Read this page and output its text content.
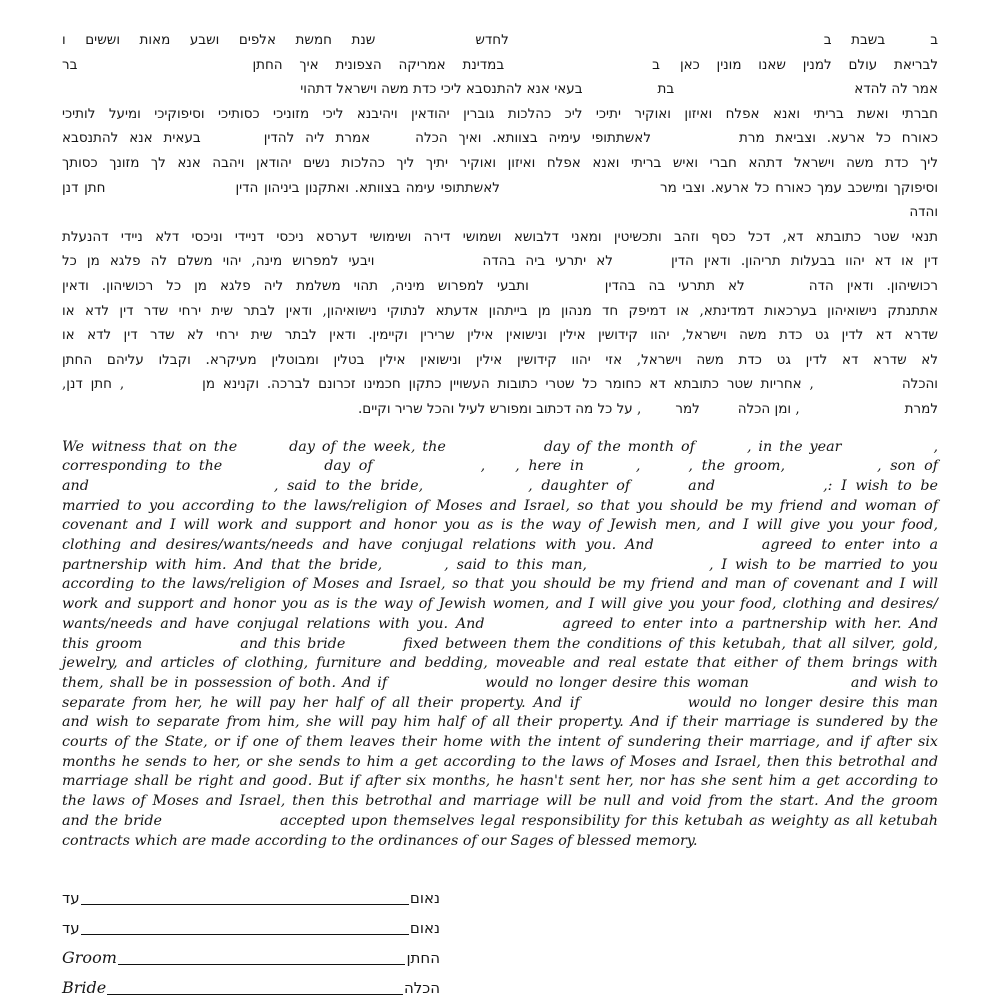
בבשבת בלחדששנת חמשת אלפים ושבע מאות וששים ו
לבריאת עולם למנין שאנו מונין כאןבבמדינת אמריקה הצפונית איך החתןבר
אמר לה להדאבתבעאי אנא להתנסבא ליכי כדת משה וישראל דתהוי
חברתי ואשת בריתי ואנא אפלח ואיזון ואוקיר יתיכי ליכ כהלכות גוברין יהודאין ויהיבנא ליכי מזוניכי כסותיכי וסיפוקיכי ומיעל לותיכי
כאורח כל ארעא. וצביאת מרתלאשתתופי עימיה בצוותא. ואיך הכלהאמרת ליה להדיןבעאית אנא להתנסבא
ליך כדת משה וישראל דתהא חברי ואיש בריתי ואנא אפלח ואיזון ואוקיר יתיך ליך כהלכות נשים יהודאן ויהבה אנא לך מזונך כסותך
וסיפוקך ומישכב עמך כאורח כל ארעא. וצבי מרלאשתתופי עימה בצוותא. ואתקנון ביניהון הדיןחתן דנן והדה
תנאי שטר כתובתא דא, דכל כסף וזהב ותכשיטין ומאני דלבושא ושמושי דירה ושימושי דערסא ניכסי דניידי וניכסי דלא ניידי דהנעלת
דין או דא יהוו בבעלות תריהון. ודאין הדיןלא יתרעי ביה בהדהויבעי למפרוש מינה, יהוי משלם לה פלגא מן כל
רכושיהון. ודאין הדהלא תתרעי בה בהדיןותבעי למפרוש מיניה, תהוי משלמת ליה פלגא מן כל רכושיהון. ודאין
אתתנתק נישואיהון בערכאות דמדינתא, או דמיפק חד מנהון מן בייתהון אדעתא לנתוקי נישואיהון, ודאין לבתר שית ירחי שדר דין לדא או
שדרא דא לדין גט כדת משה וישראל, יהוו קידושין אילין ונישואין אילין שרירין וקיימין. ודאין לבתר שית ירחי לא שדר דין לדא או
לא שדרא דא לדין גט כדת משה וישראל, אזי יהוו קידושין אילין ונישואין אילין בטלין ומבוטלין מעיקרא. וקבלו עליהם החתן
והכלה, אחריות שטר כתובתא דא כחומר כל שטרי כתובות העשויין כתקון חכמינו זכרונם לברכה. וקנינא מן, חתן דנן,
למרת, ומן הכלהלמר, על כל מה דכתוב ומפורש לעיל והכל שריר וקיים.
We witness that on the	day of the week, the	day of the month of	, in the year	,
corresponding to the	day of	, , here in	,	, the groom,	, son of
and	, said to the bride,	, daughter of	and	,: I wish to be
married to you according to the laws/religion of Moses and Israel, so that you should be my friend and woman of
covenant and I will work and support and honor you as is the way of Jewish men, and I will give you your food,
clothing and desires/wants/needs and have conjugal relations with you. And	agreed to enter into a
partnership with him. And that the bride,	, said to this man,	, I wish to be married to you
according to the laws/religion of Moses and Israel, so that you should be my friend and man of covenant and I will
work and support and honor you as is the way of Jewish women, and I will give you your food, clothing and desires/
wants/needs and have conjugal relations with you. And	agreed to enter into a partnership with her. And
this groom	and this bride	fixed between them the conditions of this ketubah, that all silver, gold,
jewelry, and articles of clothing, furniture and bedding, moveable and real estate that either of them brings with
them, shall be in possession of both. And if	would no longer desire this woman	and wish to
separate from her, he will pay her half of all their property. And if	would no longer desire this man
and wish to separate from him, she will pay him half of all their property. And if their marriage is sundered by the
courts of the State, or if one of them leaves their home with the intent of sundering their marriage, and if after six
months he sends to her, or she sends to him a get according to the laws of Moses and Israel, then this betrothal and
marriage shall be right and good. But if after six months, he hasn't sent her, nor has she sent him a get according to
the laws of Moses and Israel, then this betrothal and marriage will be null and void from the start. And the groom
and the bride	accepted upon themselves legal responsibility for this ketubah as weighty as all ketubah
contracts which are made according to the ordinances of our Sages of blessed memory.
עד	נאום
עד	נאום
Groom	החתן
Bride	הכלה
